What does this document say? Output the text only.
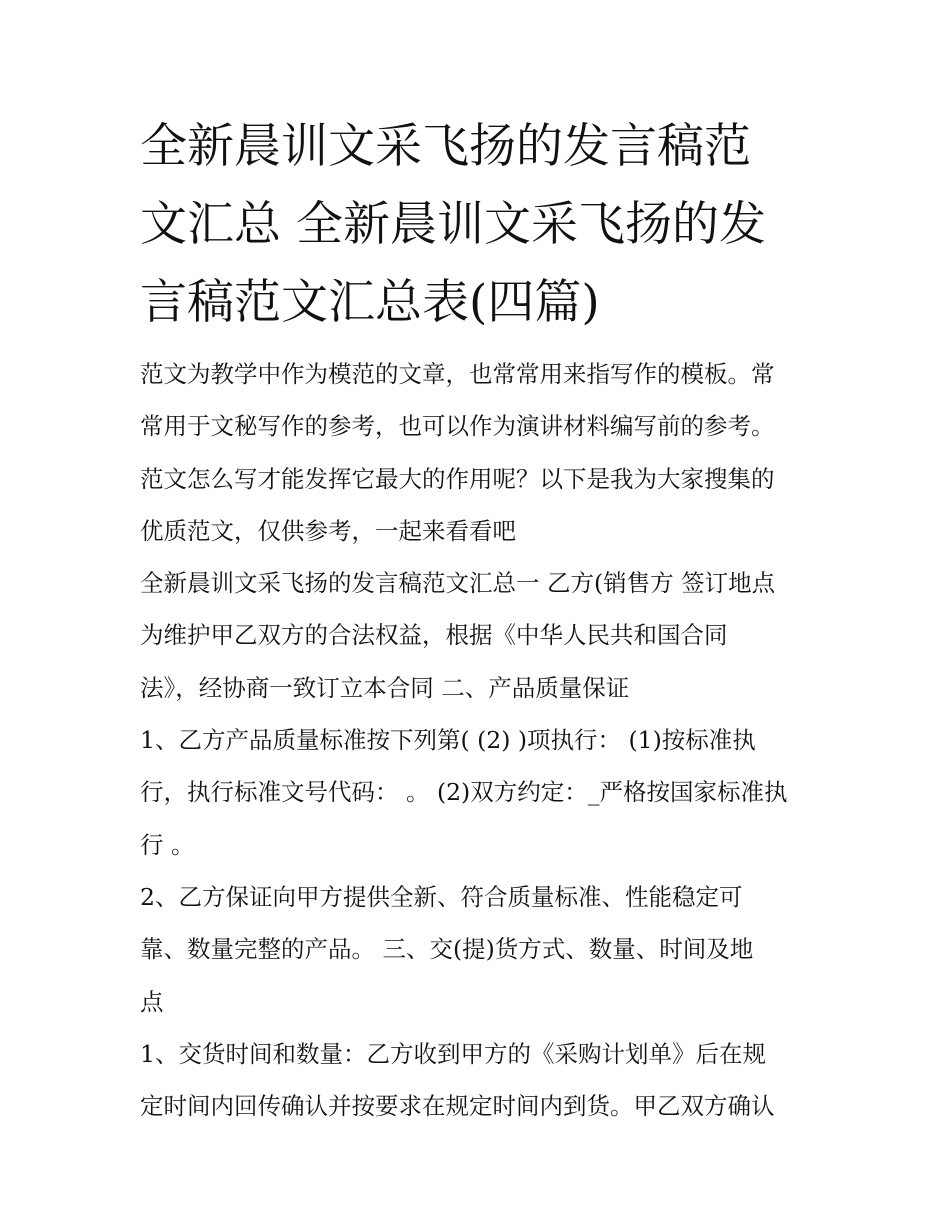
全新晨训文采飞扬的发言稿范
文汇总 全新晨训文采飞扬的发
言稿范文汇总表(四篇)
范文为教学中作为模范的文章，也常常用来指写作的模板。常
常用于文秘写作的参考，也可以作为演讲材料编写前的参考。
范文怎么写才能发挥它最大的作用呢？以下是我为大家搜集的
优质范文，仅供参考，一起来看看吧
全新晨训文采飞扬的发言稿范文汇总一 乙方(销售方 签订地点
为维护甲乙双方的合法权益，根据《中华人民共和国合同
法》，经协商一致订立本合同 二、产品质量保证
1、乙方产品质量标准按下列第( (2) )项执行： (1)按标准执
行，执行标准文号代码： 。 (2)双方约定：_严格按国家标准执
行 。
2、乙方保证向甲方提供全新、符合质量标准、性能稳定可
靠、数量完整的产品。 三、交(提)货方式、数量、时间及地
点
1、交货时间和数量：乙方收到甲方的《采购计划单》后在规
定时间内回传确认并按要求在规定时间内到货。甲乙双方确认
